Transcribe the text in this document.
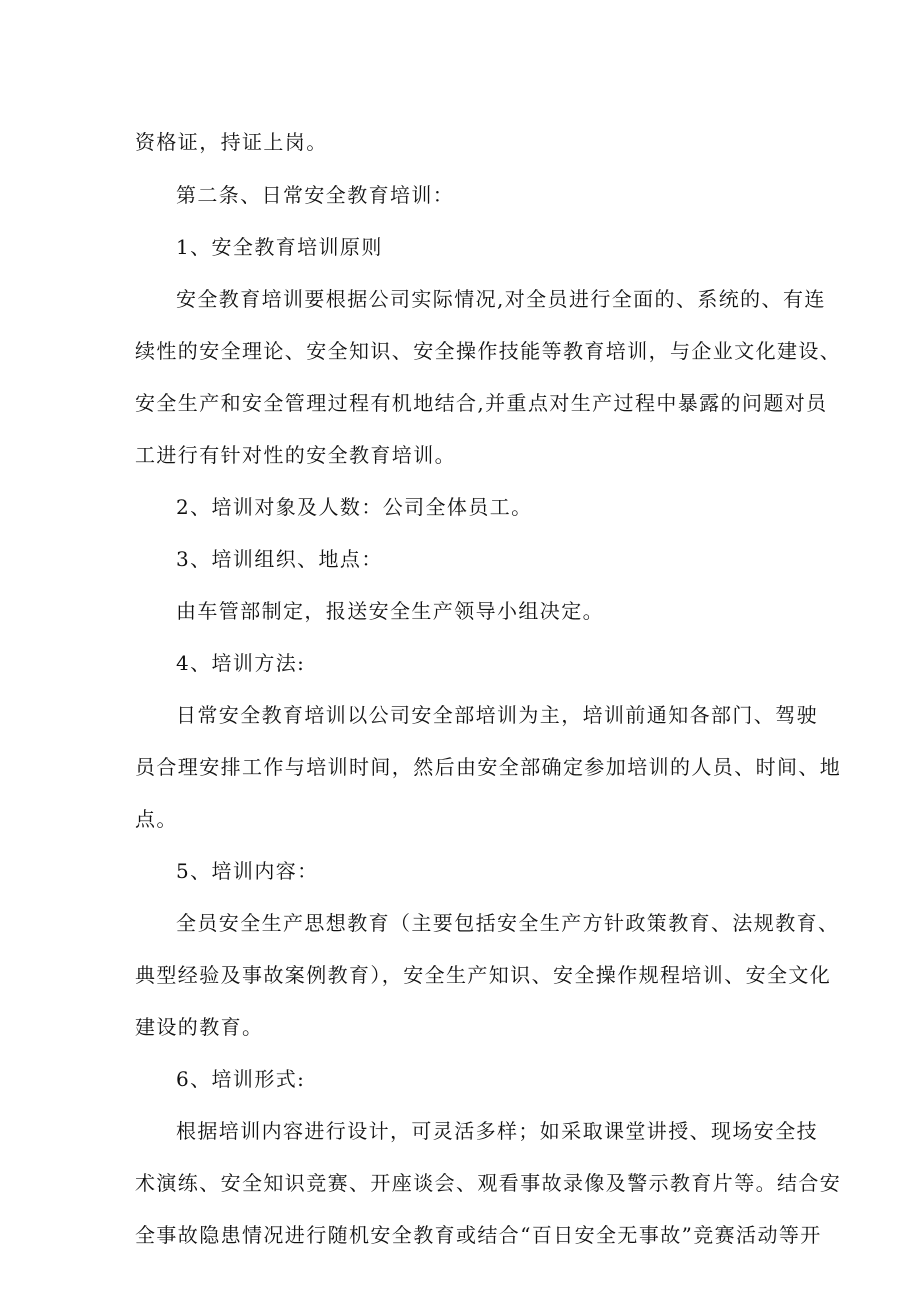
资格证，持证上岗。
第二条、日常安全教育培训：
1、安全教育培训原则
安全教育培训要根据公司实际情况,对全员进行全面的、系统的、有连
续性的安全理论、安全知识、安全操作技能等教育培训，与企业文化建设、
安全生产和安全管理过程有机地结合,并重点对生产过程中暴露的问题对员
工进行有针对性的安全教育培训。
2、培训对象及人数：公司全体员工。
3、培训组织、地点：
由车管部制定，报送安全生产领导小组决定。
4、培训方法:
日常安全教育培训以公司安全部培训为主，培训前通知各部门、驾驶
员合理安排工作与培训时间，然后由安全部确定参加培训的人员、时间、地
点。
5、培训内容：
全员安全生产思想教育（主要包括安全生产方针政策教育、法规教育、
典型经验及事故案例教育），安全生产知识、安全操作规程培训、安全文化
建设的教育。
6、培训形式:
根据培训内容进行设计，可灵活多样；如采取课堂讲授、现场安全技
术演练、安全知识竞赛、开座谈会、观看事故录像及警示教育片等。结合安
全事故隐患情况进行随机安全教育或结合“百日安全无事故”竞赛活动等开
